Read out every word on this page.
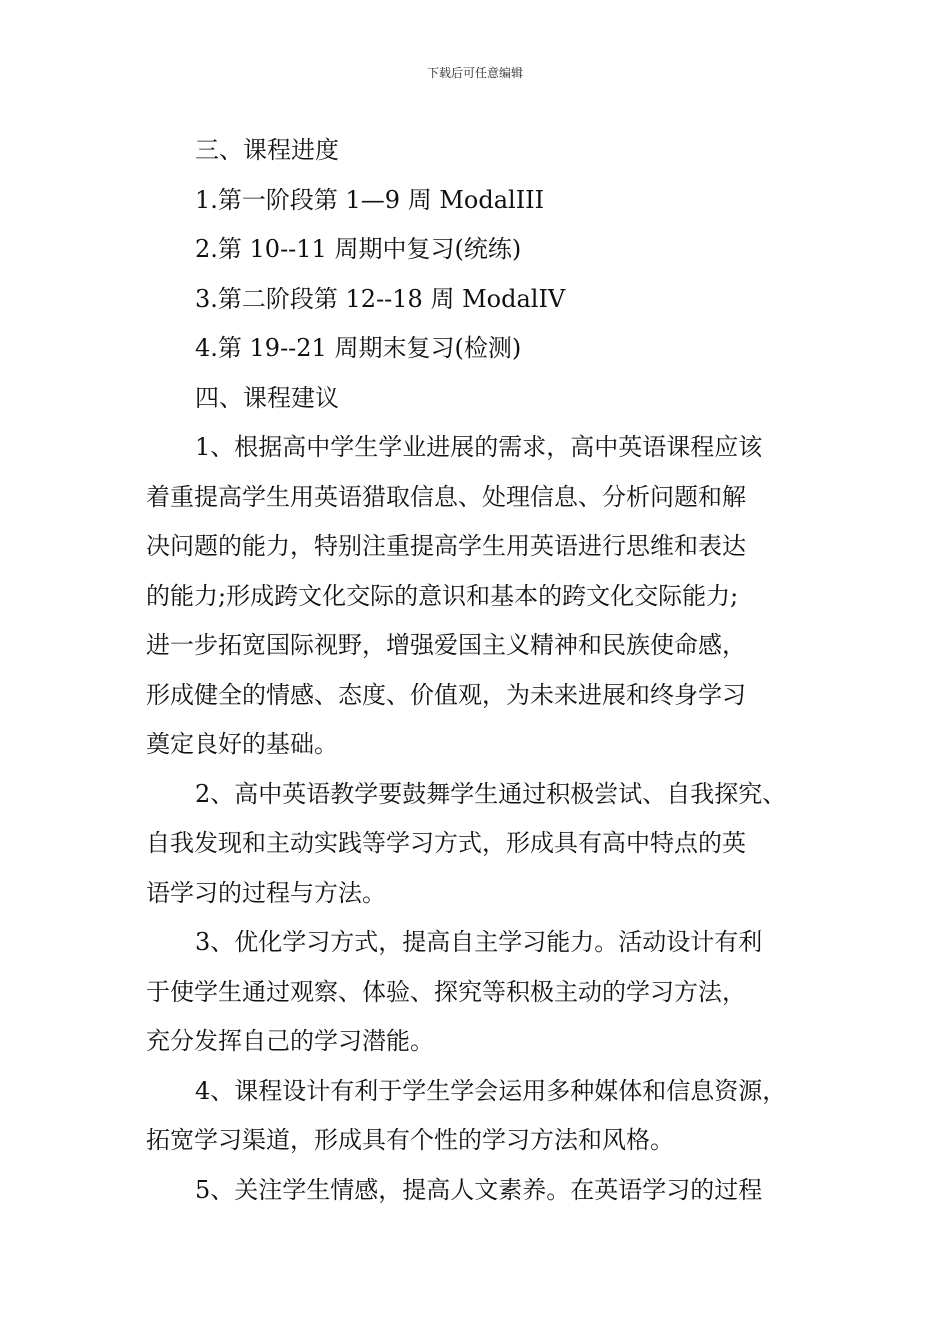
下载后可任意编辑
三、课程进度
1.第一阶段第 1—9 周 ModalIII
2.第 10--11 周期中复习(统练)
3.第二阶段第 12--18 周 ModalIV
4.第 19--21 周期末复习(检测)
四、课程建议
1、根据高中学生学业进展的需求，高中英语课程应该
着重提高学生用英语猎取信息、处理信息、分析问题和解
决问题的能力，特别注重提高学生用英语进行思维和表达
的能力;形成跨文化交际的意识和基本的跨文化交际能力;
进一步拓宽国际视野，增强爱国主义精神和民族使命感，
形成健全的情感、态度、价值观，为未来进展和终身学习
奠定良好的基础。
2、高中英语教学要鼓舞学生通过积极尝试、自我探究、
自我发现和主动实践等学习方式，形成具有高中特点的英
语学习的过程与方法。
3、优化学习方式，提高自主学习能力。活动设计有利
于使学生通过观察、体验、探究等积极主动的学习方法，
充分发挥自己的学习潜能。
4、课程设计有利于学生学会运用多种媒体和信息资源，
拓宽学习渠道，形成具有个性的学习方法和风格。
5、关注学生情感，提高人文素养。在英语学习的过程
